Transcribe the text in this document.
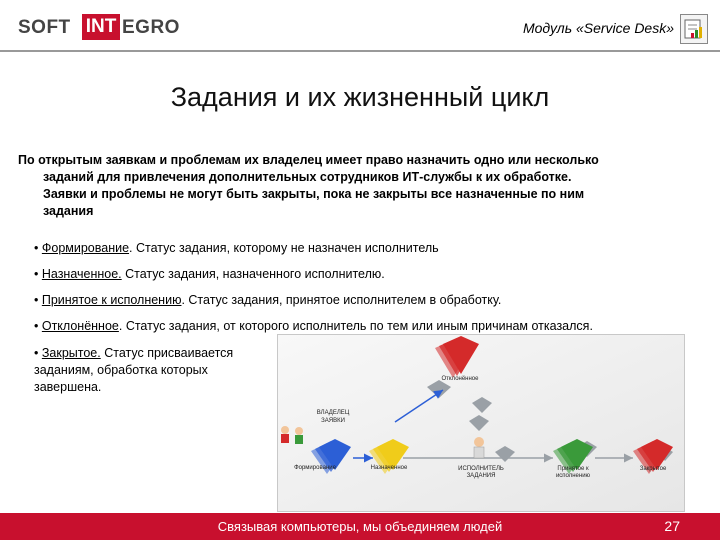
SOFT INT EGRO	Модуль «Service Desk»
Задания и их жизненный цикл
По открытым заявкам и проблемам их владелец имеет право назначить одно или несколько
заданий для привлечения дополнительных сотрудников ИТ-службы к их обработке.
Заявки и проблемы не могут быть закрыты, пока не закрыты все назначенные по ним
задания
• Формирование. Статус задания, которому не назначен исполнитель
• Назначенное. Статус задания, назначенного исполнителю.
• Принятое к исполнению. Статус задания, принятое исполнителем в обработку.
• Отклонённое. Статус задания, от которого исполнитель по тем или иным причинам отказался.
• Закрытое. Статус присваивается заданиям, обработка которых завершена.
Отклонённое
ВЛАДЕЛЕЦ
ЗАЯВКИ
Формирование	Назначенное	ИСПОЛНИТЕЛЬ
ЗАДАНИЯ
Принятое к
исполнению
Закрытое
Связывая компьютеры, мы объединяем людей	27
